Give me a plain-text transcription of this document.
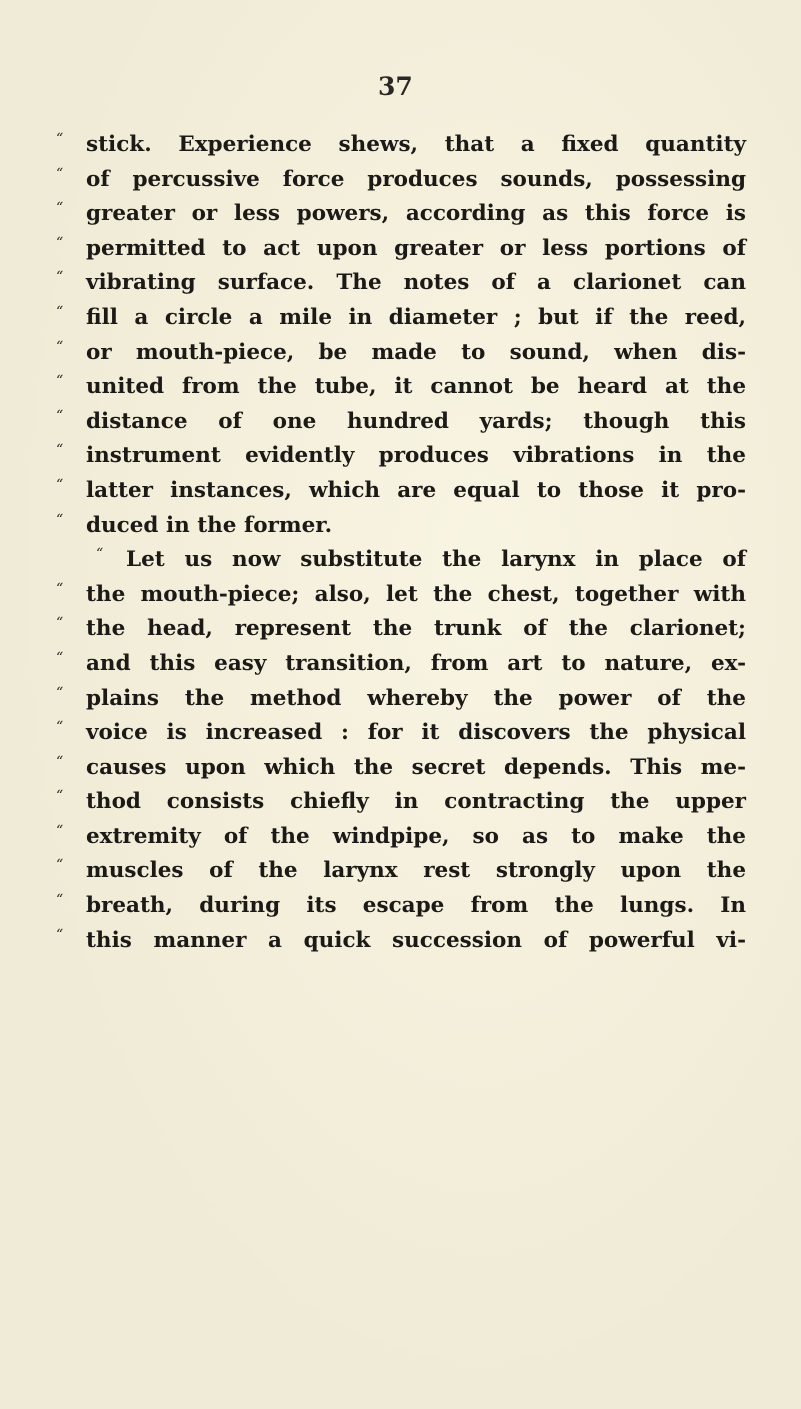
37
“ stick. Experience shews, that a fixed quantity
“ of percussive force produces sounds, possessing
“ greater or less powers, according as this force is
“ permitted to act upon greater or less portions of
“ vibrating surface. The notes of a clarionet can
“ fill a circle a mile in diameter ; but if the reed,
“ or mouth-piece, be made to sound, when dis-
“ united from the tube, it cannot be heard at the
“ distance of one hundred yards; though this
“ instrument evidently produces vibrations in the
“ latter instances, which are equal to those it pro-
“ duced in the former.
“ Let us now substitute the larynx in place of
“ the mouth-piece; also, let the chest, together with
“ the head, represent the trunk of the clarionet;
“ and this easy transition, from art to nature, ex-
“ plains the method whereby the power of the
“ voice is increased : for it discovers the physical
“ causes upon which the secret depends. This me-
“ thod consists chiefly in contracting the upper
“ extremity of the windpipe, so as to make the
“ muscles of the larynx rest strongly upon the
“ breath, during its escape from the lungs. In
“ this manner a quick succession of powerful vi-
